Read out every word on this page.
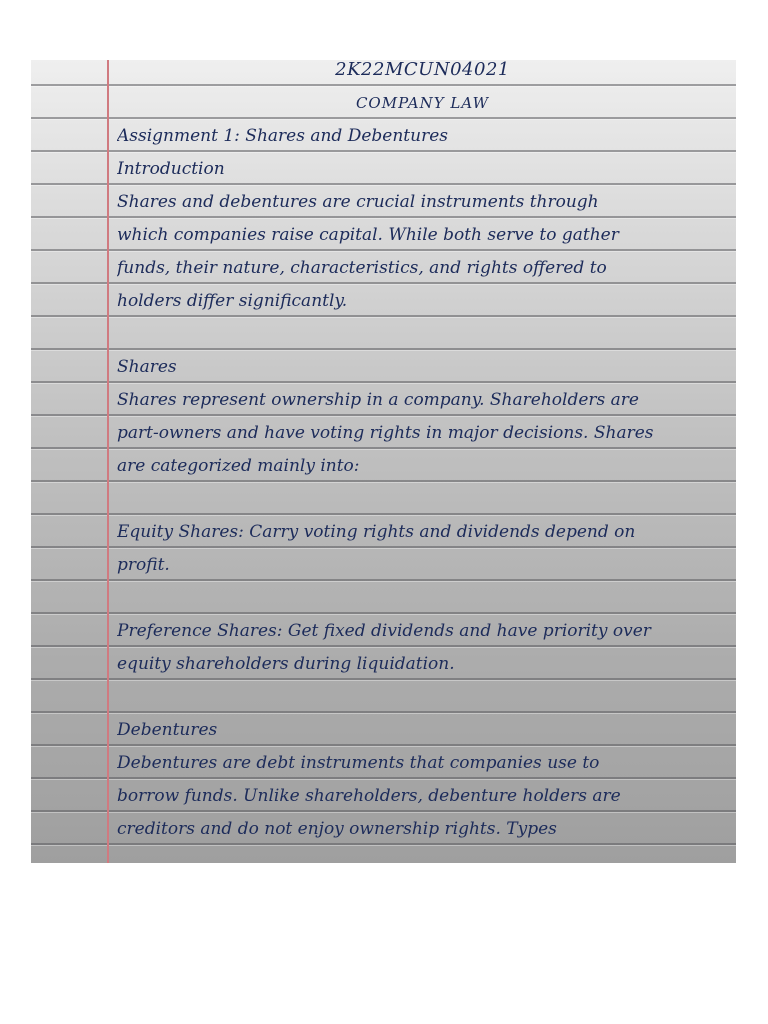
2K22MCUN04021
COMPANY LAW
Assignment 1: Shares and Debentures
Introduction
Shares and debentures are crucial instruments through
which companies raise capital. While both serve to gather
funds, their nature, characteristics, and rights offered to
holders differ significantly.
Shares
Shares represent ownership in a company. Shareholders are
part-owners and have voting rights in major decisions. Shares
are categorized mainly into:
Equity Shares: Carry voting rights and dividends depend on
profit.
Preference Shares: Get fixed dividends and have priority over
equity shareholders during liquidation.
Debentures
Debentures are debt instruments that companies use to
borrow funds. Unlike shareholders, debenture holders are
creditors and do not enjoy ownership rights. Types
